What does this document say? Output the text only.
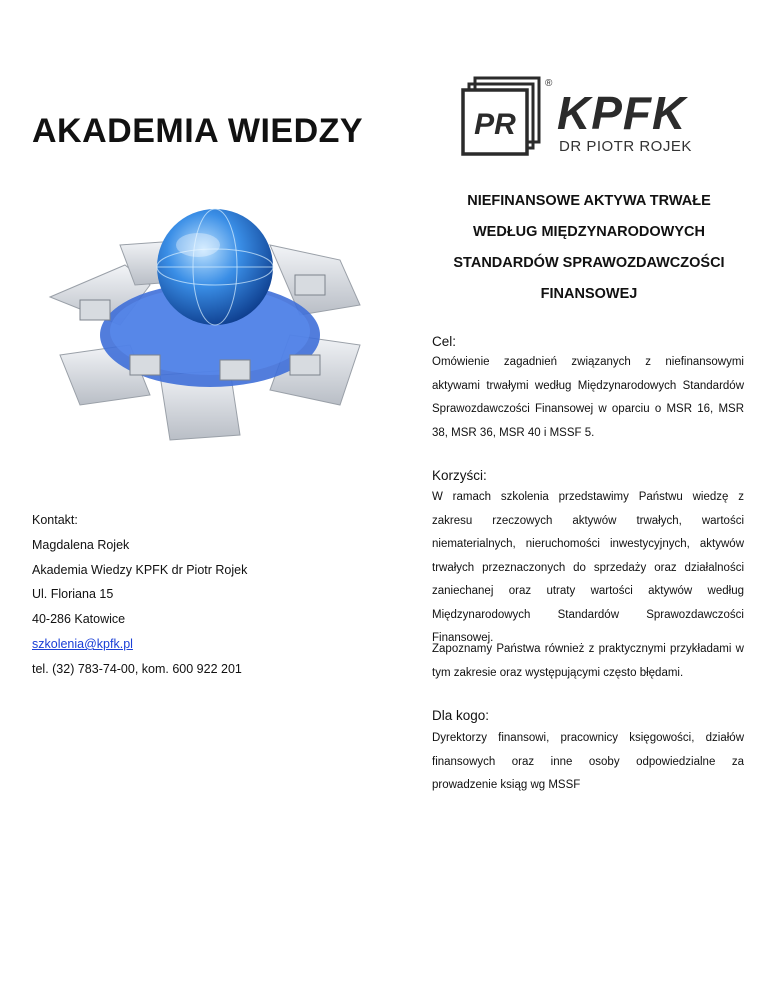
AKADEMIA WIEDZY	PR
®
KPFK
DR PIOTR ROJEK
NIEFINANSOWE AKTYWA TRWAŁE
WEDŁUG MIĘDZYNARODOWYCH
STANDARDÓW SPRAWOZDAWCZOŚCI
FINANSOWEJ
Cel:
Omówienie zagadnień związanych z niefinansowymi aktywami trwałymi według Międzynarodowych Standardów Sprawozdawczości Finansowej w oparciu o MSR 16, MSR 38, MSR 36, MSR 40 i MSSF 5.
Korzyści:
W ramach szkolenia przedstawimy Państwu wiedzę z zakresu rzeczowych aktywów trwałych, wartości niematerialnych, nieruchomości inwestycyjnych, aktywów trwałych przeznaczonych do sprzedaży oraz działalności zaniechanej oraz utraty wartości aktywów według Międzynarodowych Standardów Sprawozdawczości Finansowej.
Zapoznamy Państwa również z praktycznymi przykładami w tym zakresie oraz występującymi często błędami.
Dla kogo:
Dyrektorzy finansowi, pracownicy księgowości, działów finansowych oraz inne osoby odpowiedzialne za prowadzenie ksiąg wg MSSF
Kontakt:
Magdalena Rojek
Akademia Wiedzy KPFK dr Piotr Rojek
Ul. Floriana 15
40-286 Katowice
szkolenia@kpfk.pl
tel. (32) 783-74-00, kom. 600 922 201
